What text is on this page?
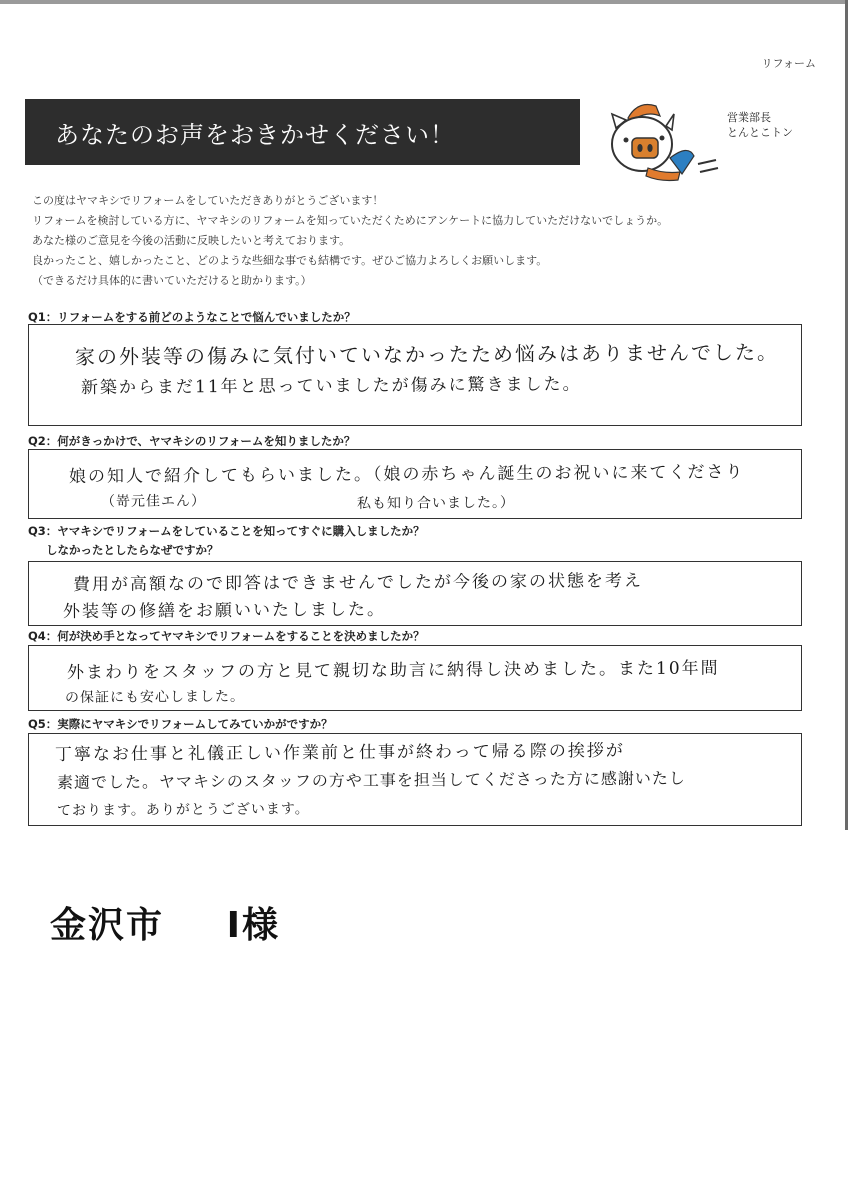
リフォーム
あなたのお声をおきかせください！
営業部長
とんとこトン

この度はヤマキシでリフォームをしていただきありがとうございます！

リフォームを検討している方に、ヤマキシのリフォームを知っていただくためにアンケートに協力していただけないでしょうか。

あなた様のご意見を今後の活動に反映したいと考えております。

良かったこと、嬉しかったこと、どのような些細な事でも結構です。ぜひご協力よろしくお願いします。

（できるだけ具体的に書いていただけると助かります。）

Q1：リフォームをする前どのようなことで悩んでいましたか？
家の外装等の傷みに気付いていなかったため悩みはありませんでした。
新築からまだ11年と思っていましたが傷みに驚きました。
Q2：何がきっかけで、ヤマキシのリフォームを知りましたか？
娘の知人で紹介してもらいました。（娘の赤ちゃん誕生のお祝いに来てくださり
（嵜元佳エん）	私も知り合いました。）
Q3：ヤマキシでリフォームをしていることを知ってすぐに購入しましたか？
しなかったとしたらなぜですか？
費用が高額なので即答はできませんでしたが今後の家の状態を考え
外装等の修繕をお願いいたしました。
Q4：何が決め手となってヤマキシでリフォームをすることを決めましたか？
外まわりをスタッフの方と見て親切な助言に納得し決めました。また10年間
の保証にも安心しました。
Q5：実際にヤマキシでリフォームしてみていかがですか？
丁寧なお仕事と礼儀正しい作業前と仕事が終わって帰る際の挨拶が
素適でした。ヤマキシのスタッフの方や工事を担当してくださった方に感謝いたし
ております。ありがとうございます。
金沢市 I様
